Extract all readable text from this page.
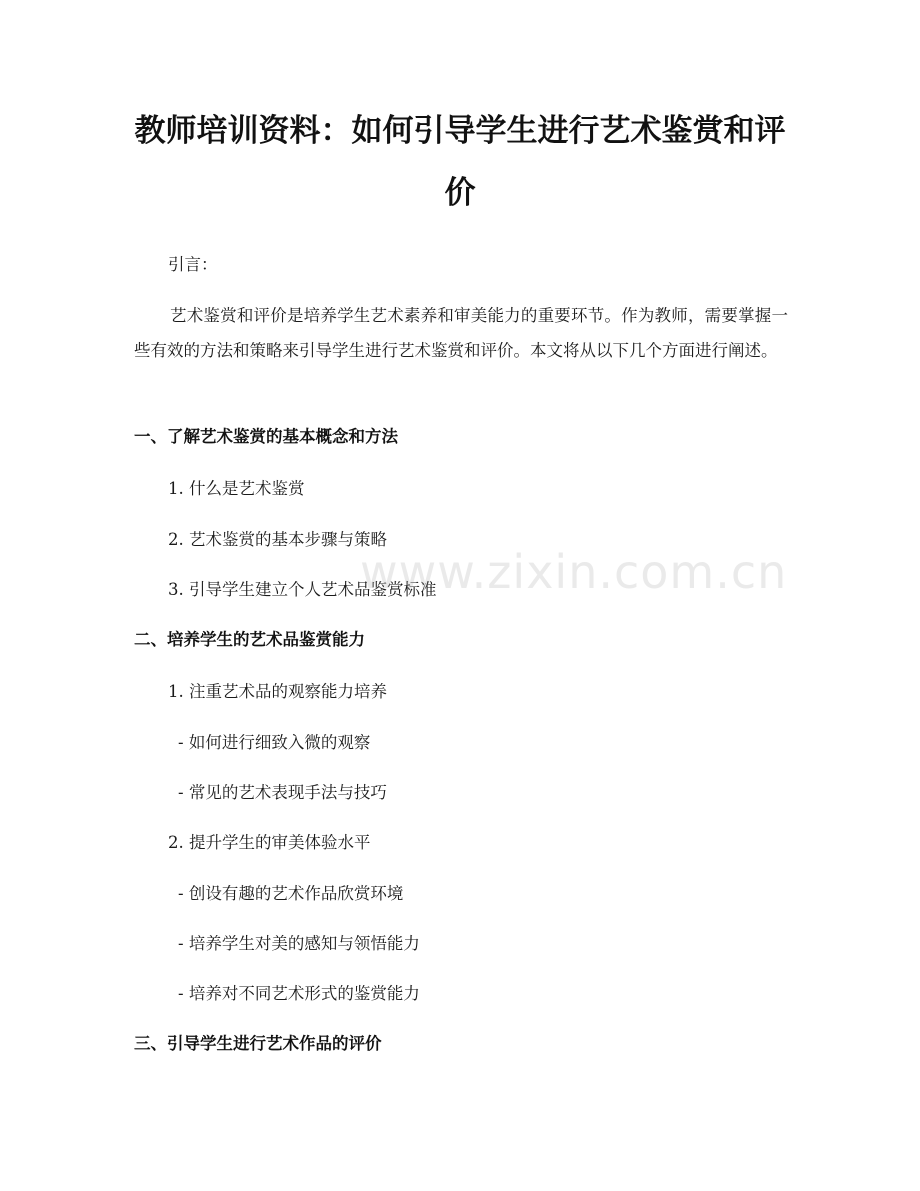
教师培训资料：如何引导学生进行艺术鉴赏和评价

引言：

艺术鉴赏和评价是培养学生艺术素养和审美能力的重要环节。作为教师，需要掌握一些有效的方法和策略来引导学生进行艺术鉴赏和评价。本文将从以下几个方面进行阐述。

一、了解艺术鉴赏的基本概念和方法

1. 什么是艺术鉴赏

2. 艺术鉴赏的基本步骤与策略

3. 引导学生建立个人艺术品鉴赏标准

二、培养学生的艺术品鉴赏能力

1. 注重艺术品的观察能力培养

- 如何进行细致入微的观察

- 常见的艺术表现手法与技巧

2. 提升学生的审美体验水平

- 创设有趣的艺术作品欣赏环境

- 培养学生对美的感知与领悟能力

- 培养对不同艺术形式的鉴赏能力

三、引导学生进行艺术作品的评价
www.zixin.com.cn
